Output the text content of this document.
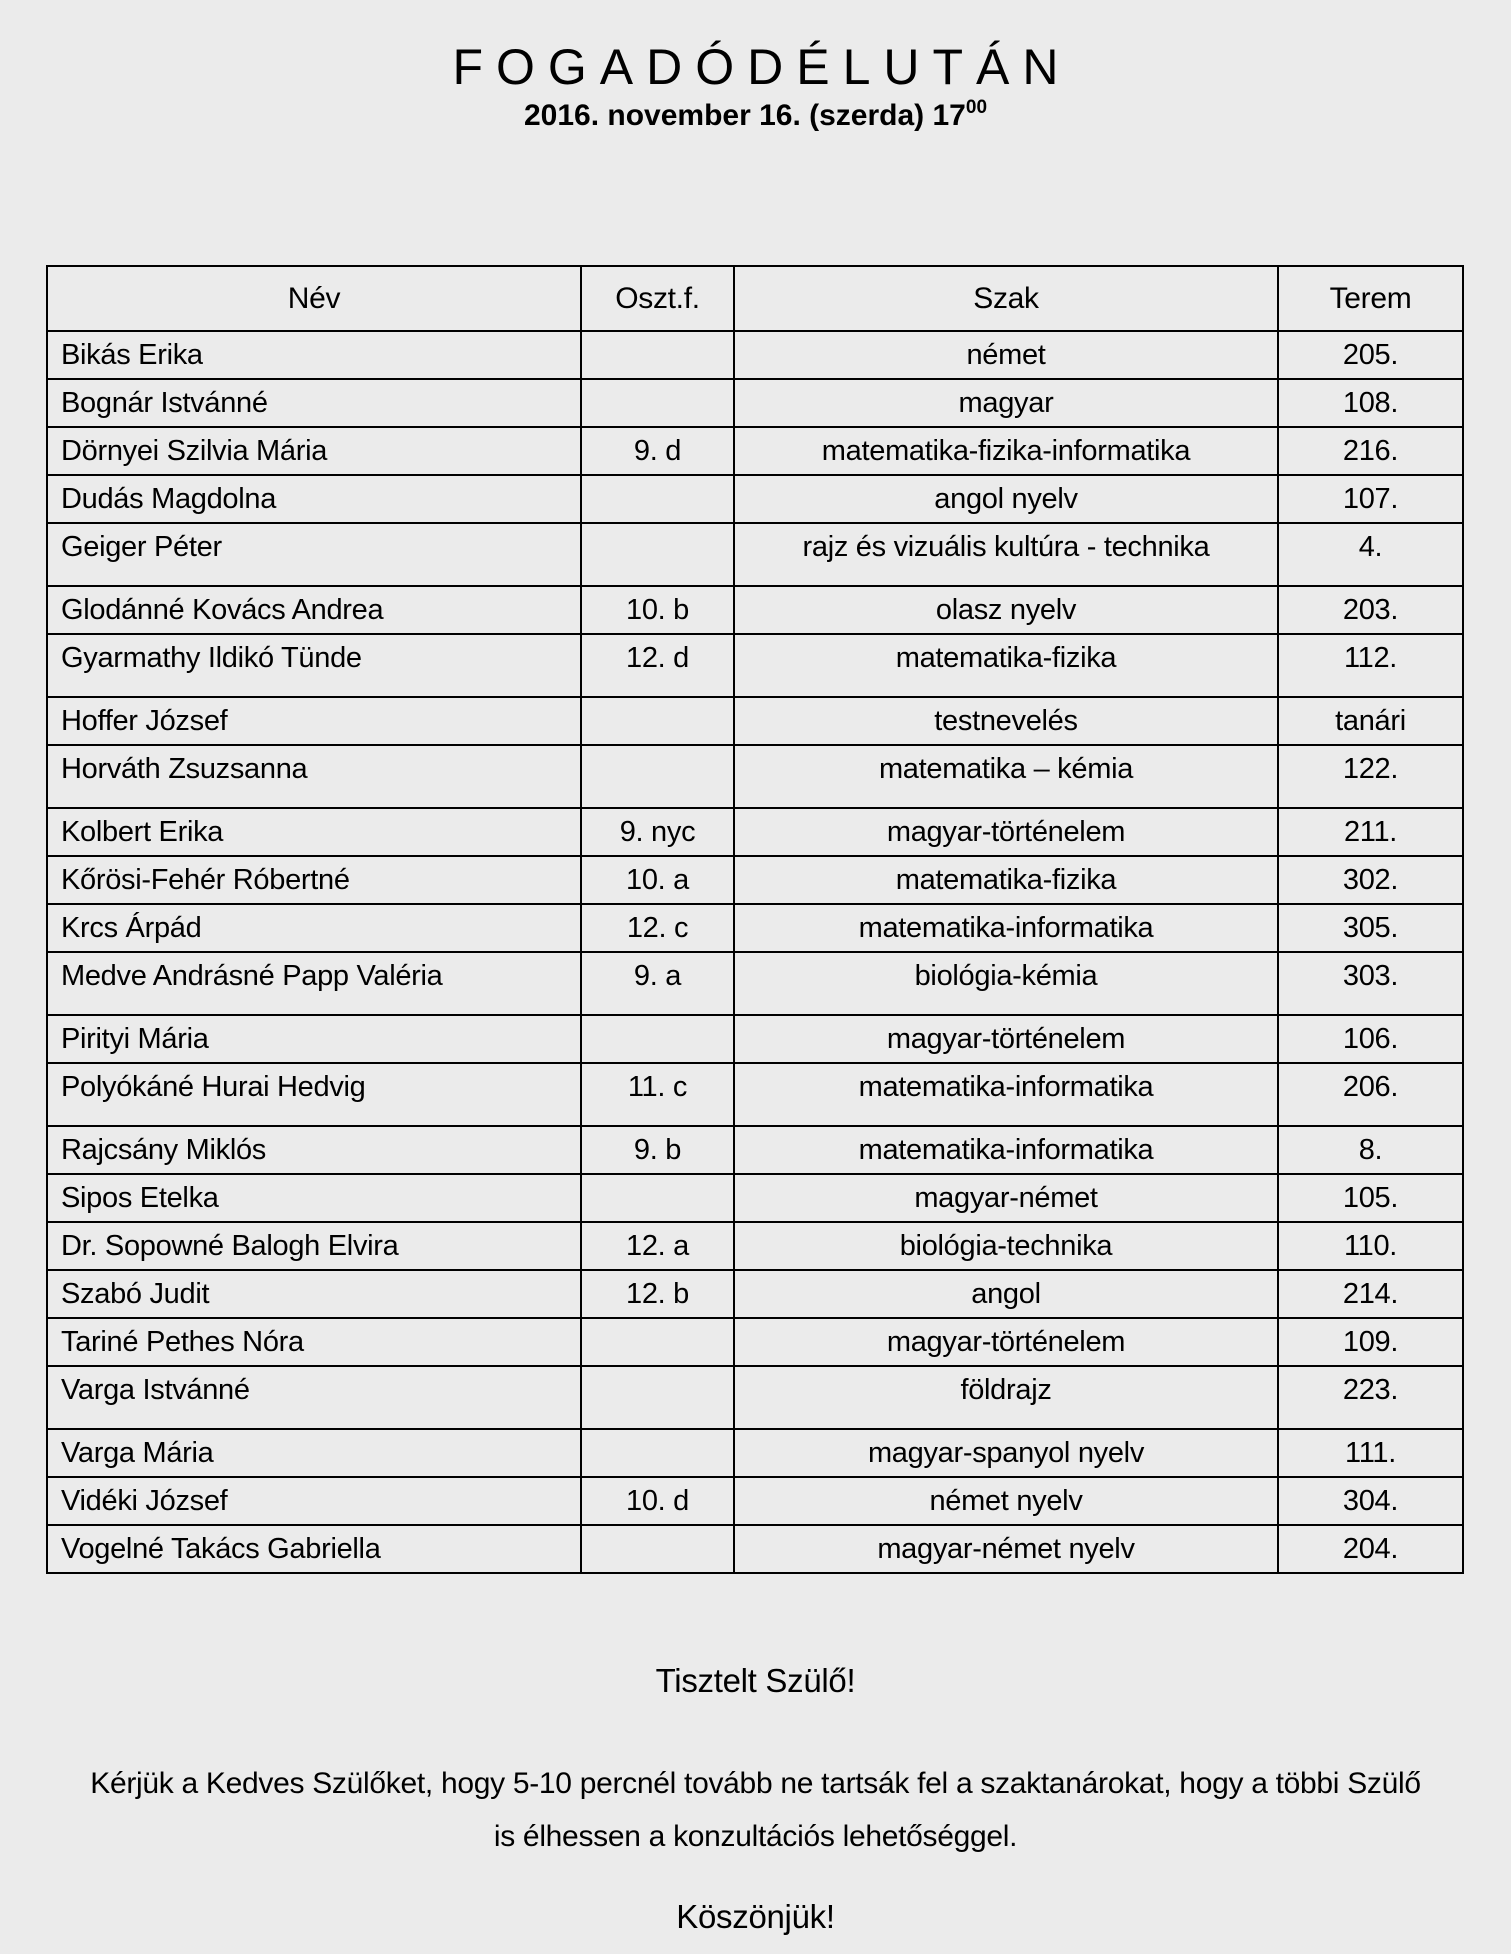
FOGADÓDÉLUTÁN
2016. november 16. (szerda) $17^{00}$
Név	Oszt.f.	Szak	Terem
Bikás Erika		német	205.
Bognár Istvánné		magyar	108.
Dörnyei Szilvia Mária	9. d	matematika-fizika-informatika	216.
Dudás Magdolna		angol nyelv	107.
Geiger Péter		rajz és vizuális kultúra - technika	4.
Glodánné Kovács Andrea	10. b	olasz nyelv	203.
Gyarmathy Ildikó Tünde	12. d	matematika-fizika	112.
Hoffer József		testnevelés	tanári
Horváth Zsuzsanna		matematika – kémia	122.
Kolbert Erika	9. nyc	magyar-történelem	211.
Kőrösi-Fehér Róbertné	10. a	matematika-fizika	302.
Krcs Árpád	12. c	matematika-informatika	305.
Medve Andrásné Papp Valéria	9. a	biológia-kémia	303.
Pirityi Mária		magyar-történelem	106.
Polyókáné Hurai Hedvig	11. c	matematika-informatika	206.
Rajcsány Miklós	9. b	matematika-informatika	8.
Sipos Etelka		magyar-német	105.
Dr. Sopowné Balogh Elvira	12. a	biológia-technika	110.
Szabó Judit	12. b	angol	214.
Tariné Pethes Nóra		magyar-történelem	109.
Varga Istvánné		földrajz	223.
Varga Mária		magyar-spanyol nyelv	111.
Vidéki József	10. d	német nyelv	304.
Vogelné Takács Gabriella		magyar-német nyelv	204.
Tisztelt Szülő!
Kérjük a Kedves Szülőket, hogy 5-10 percnél tovább ne tartsák fel a szaktanárokat, hogy a többi Szülő
is élhessen a konzultációs lehetőséggel.
Köszönjük!
